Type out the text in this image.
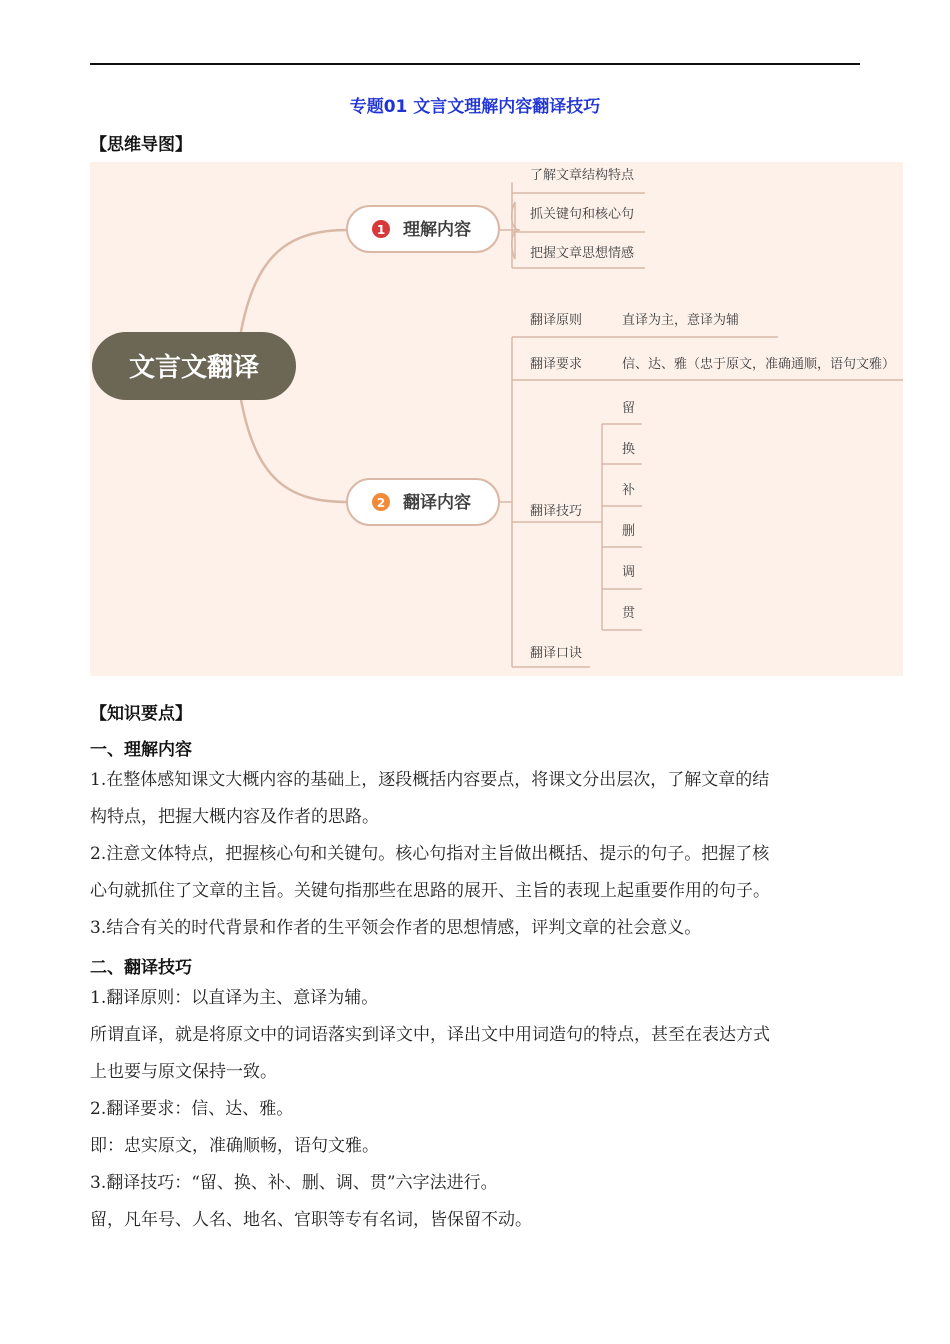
专题01 文言文理解内容翻译技巧
【思维导图】
文言文翻译
1 理解内容
了解文章结构特点
抓关键句和核心句
把握文章思想情感
2 翻译内容
翻译原则	直译为主，意译为辅
翻译要求	信、达、雅（忠于原文，准确通顺，语句文雅）
翻译技巧
留
换
补
删
调
贯
翻译口诀
【知识要点】
一、理解内容

1.在整体感知课文大概内容的基础上，逐段概括内容要点，将课文分出层次，了解文章的结

构特点，把握大概内容及作者的思路。

2.注意文体特点，把握核心句和关键句。核心句指对主旨做出概括、提示的句子。把握了核

心句就抓住了文章的主旨。关键句指那些在思路的展开、主旨的表现上起重要作用的句子。

3.结合有关的时代背景和作者的生平领会作者的思想情感，评判文章的社会意义。

二、翻译技巧

1.翻译原则：以直译为主、意译为辅。

所谓直译，就是将原文中的词语落实到译文中，译出文中用词造句的特点，甚至在表达方式

上也要与原文保持一致。

2.翻译要求：信、达、雅。

即：忠实原文，准确顺畅，语句文雅。

3.翻译技巧：“留、换、补、删、调、贯”六字法进行。

留，凡年号、人名、地名、官职等专有名词，皆保留不动。
